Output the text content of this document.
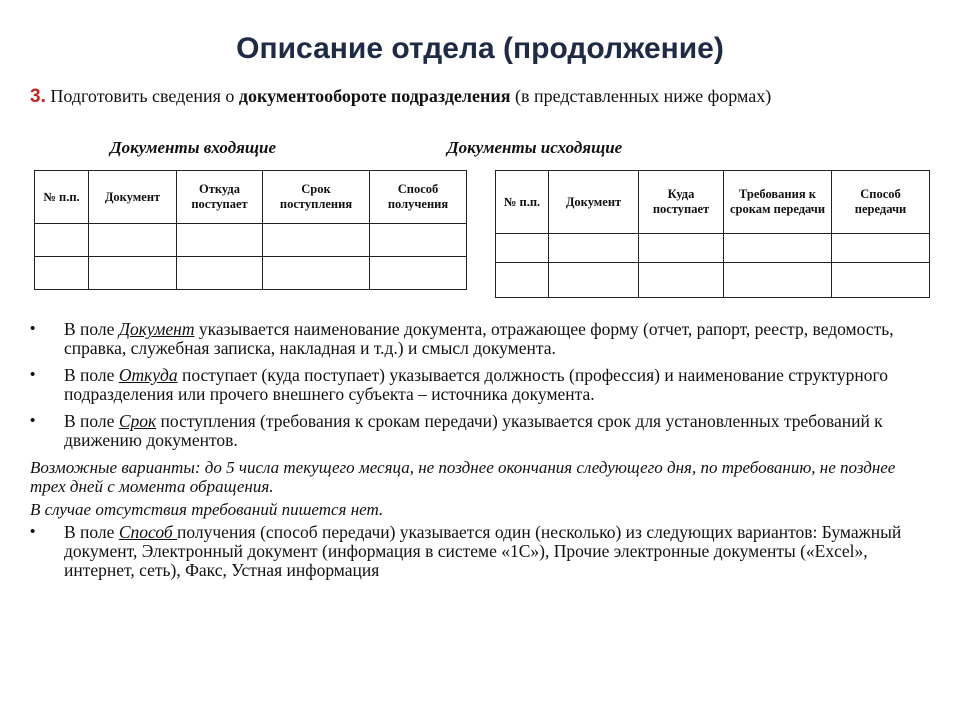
Описание отдела (продолжение)
3. Подготовить сведения о документообороте подразделения (в представленных ниже формах)
Документы входящие	Документы исходящие
№ п.п.	Документ	Откуда поступает	Срок поступления	Способ получения

					№ п.п.	Документ	Куда поступает	Требования к срокам передачи	Способ передачи

• В поле Документ указывается наименование документа, отражающее форму (отчет, рапорт, реестр, ведомость, справка, служебная записка, накладная и т.д.) и смысл документа.
• В поле Откуда поступает (куда поступает) указывается должность (профессия) и наименование структурного подразделения или прочего внешнего субъекта – источника документа.
• В поле Срок поступления (требования к срокам передачи) указывается срок для установленных требований к движению документов.
Возможные варианты: до 5 числа текущего месяца, не позднее окончания следующего дня, по требованию, не позднее трех дней с момента обращения.
В случае отсутствия требований пишется нет.
• В поле Способ получения (способ передачи) указывается один (несколько) из следующих вариантов: Бумажный документ, Электронный документ (информация в системе «1С»), Прочие электронные документы («Excel», интернет, сеть), Факс, Устная информация
